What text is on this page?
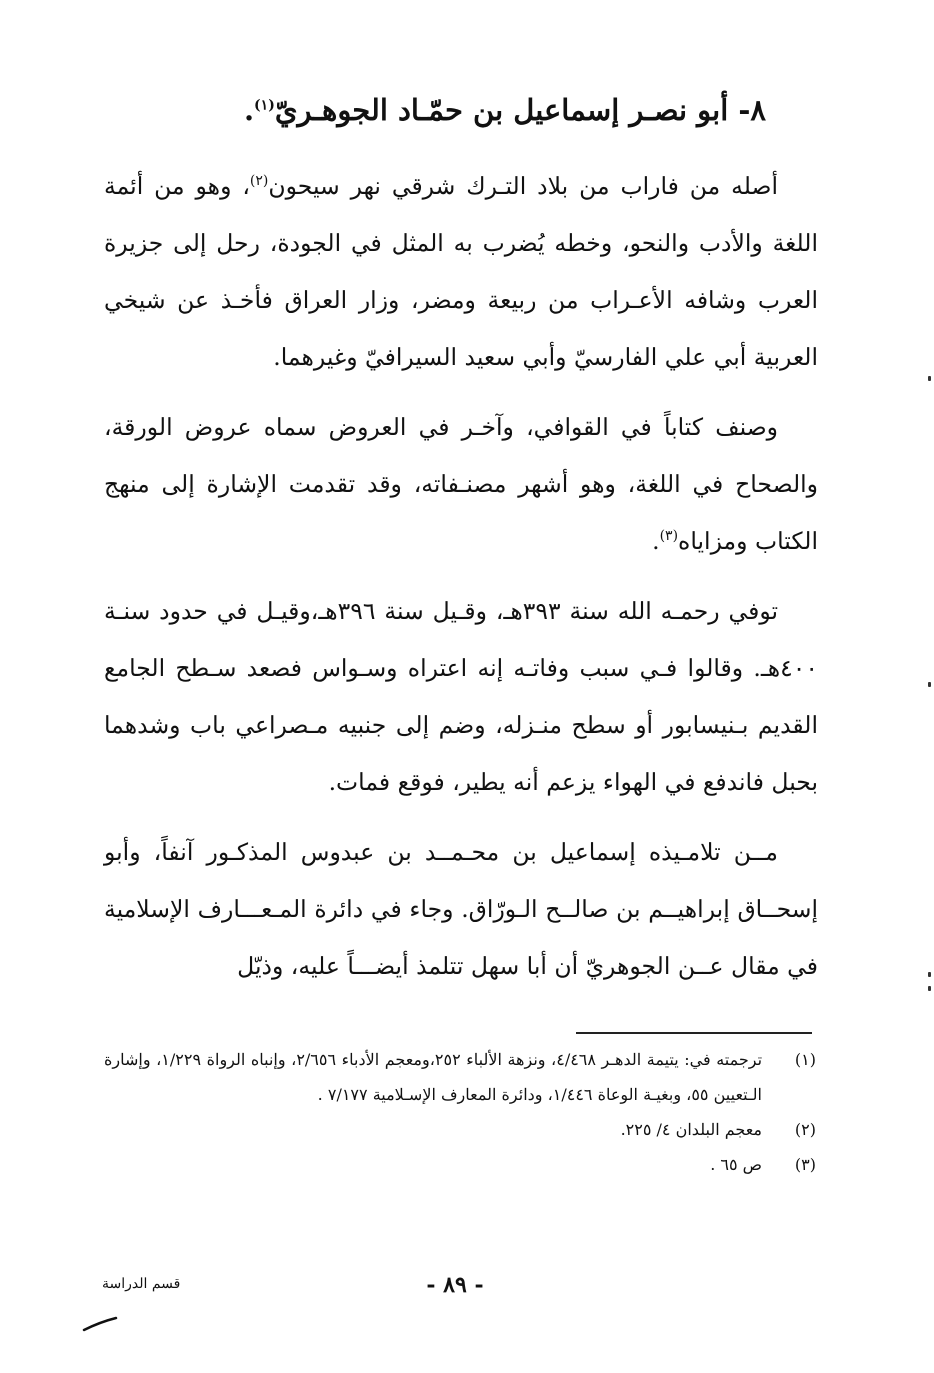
٨- أبو نصـر إسماعيل بن حمّـاد الجوهـريّ$^{(١)}$.

أصله من فاراب من بلاد التـرك شرقي نهر سيحون$^{(٢)}$، وهو من أئمة اللغة والأدب والنحو، وخطه يُضرب به المثل في الجودة، رحل إلى جزيرة العرب وشافه الأعـراب من ربيعة ومضر، وزار العراق فأخـذ عن شيخي العربية أبي علي الفارسيّ وأبي سعيد السيرافيّ وغيرهما.

وصنف كتاباً في القوافي، وآخـر في العروض سماه عروض الورقة، والصحاح في اللغة، وهو أشهر مصنـفاته، وقد تقدمت الإشارة إلى منهج الكتاب ومزاياه$^{(٣)}$.

توفي رحمـه الله سنة ٣٩٣هـ، وقـيل سنة ٣٩٦هـ،وقيـل في حدود سنـة ٤٠٠هـ. وقالوا فـي سبب وفاتـه إنه اعتراه وسـواس فصعد سـطح الجامع القديم بـنيسابور أو سطح منـزله، وضم إلى جنبيه مـصراعي باب وشدهما بحبل فاندفع في الهواء يزعم أنه يطير، فوقع فمات.

مــن تلامـيذه إسماعيل بن محـمــد بن عبدوس المذكـور آنفاً، وأبو إسحــاق إبراهيــم بن صالــح الـورّاق. وجاء في دائرة المـعـــارف الإسلامية في مقال عــن الجوهريّ أن أبا سهل تتلمذ أيضـــاً عليه، وذيّل

(١)
ترجمته في: يتيمة الدهـر ٤/٤٦٨، ونزهة الألباء ٢٥٢،ومعجم الأدباء ٢/٦٥٦، وإنباه الرواة ١/٢٢٩، وإشارة الـتعيين ٥٥، وبغيـة الوعاة ١/٤٤٦، ودائرة المعارف الإسـلامية ٧/١٧٧ .
(٢)
معجم البلدان ٤/ ٢٢٥.
(٣)
ص ٦٥ .
- ٨٩ -
قسم الدراسة
